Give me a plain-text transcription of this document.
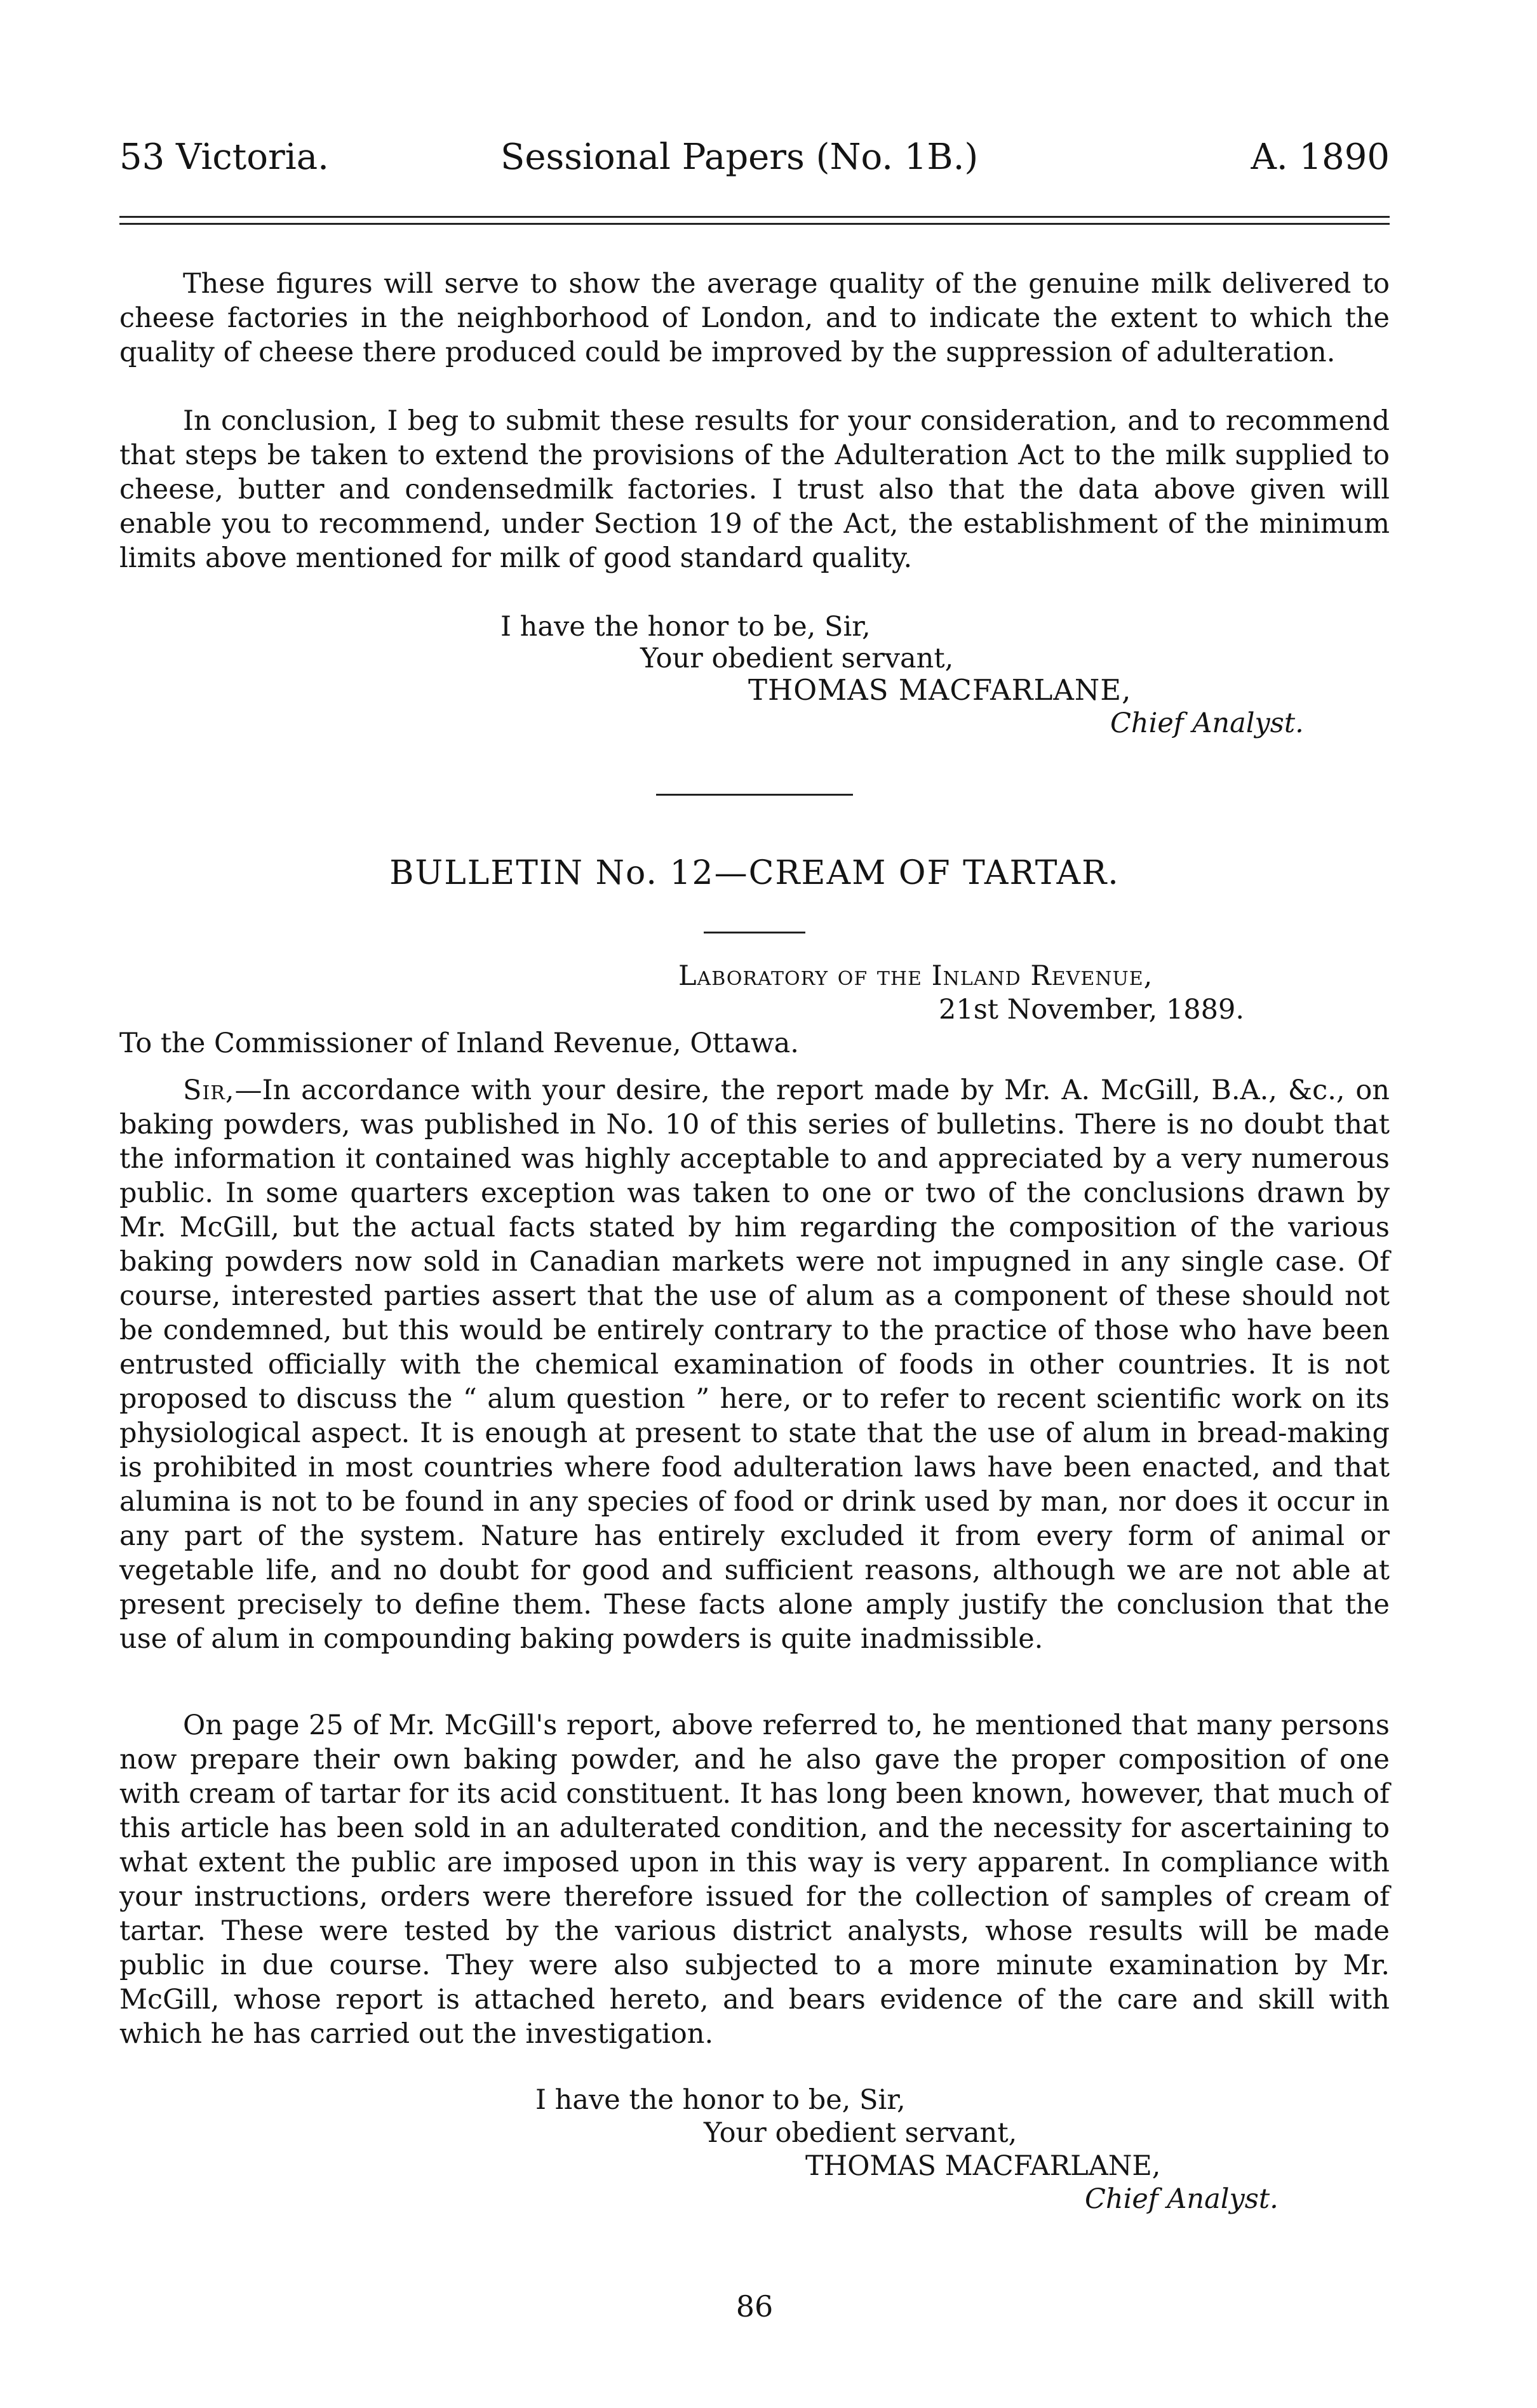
53 Victoria.	Sessional Papers (No. 1B.)	A. 1890

These figures will serve to show the average quality of the genuine milk delivered to cheese factories in the neighborhood of London, and to indicate the extent to which the quality of cheese there produced could be improved by the suppression of adulteration.

In conclusion, I beg to submit these results for your consideration, and to recommend that steps be taken to extend the provisions of the Adulteration Act to the milk supplied to cheese, butter and condensedmilk factories. I trust also that the data above given will enable you to recommend, under Section 19 of the Act, the establishment of the minimum limits above mentioned for milk of good standard quality.

I have the honor to be, Sir,

Your obedient servant,

THOMAS MACFARLANE,

Chief Analyst.

BULLETIN No. 12—CREAM OF TARTAR.

Laboratory of the Inland Revenue,

21st November, 1889.

To the Commissioner of Inland Revenue, Ottawa.

Sir,—In accordance with your desire, the report made by Mr. A. McGill, B.A., &c., on baking powders, was published in No. 10 of this series of bulletins. There is no doubt that the information it contained was highly acceptable to and appreciated by a very numerous public. In some quarters exception was taken to one or two of the conclusions drawn by Mr. McGill, but the actual facts stated by him regarding the composition of the various baking powders now sold in Canadian markets were not impugned in any single case. Of course, interested parties assert that the use of alum as a component of these should not be condemned, but this would be entirely contrary to the practice of those who have been entrusted officially with the chemical examination of foods in other countries. It is not proposed to discuss the “ alum question ” here, or to refer to recent scientific work on its physiological aspect. It is enough at present to state that the use of alum in bread-making is prohibited in most countries where food adulteration laws have been enacted, and that alumina is not to be found in any species of food or drink used by man, nor does it occur in any part of the system. Nature has entirely excluded it from every form of animal or vegetable life, and no doubt for good and sufficient reasons, although we are not able at present precisely to define them. These facts alone amply justify the conclusion that the use of alum in compounding baking powders is quite inadmissible.

On page 25 of Mr. McGill's report, above referred to, he mentioned that many persons now prepare their own baking powder, and he also gave the proper composition of one with cream of tartar for its acid constituent. It has long been known, however, that much of this article has been sold in an adulterated condition, and the necessity for ascertaining to what extent the public are imposed upon in this way is very apparent. In compliance with your instructions, orders were therefore issued for the collection of samples of cream of tartar. These were tested by the various district analysts, whose results will be made public in due course. They were also subjected to a more minute examination by Mr. McGill, whose report is attached hereto, and bears evidence of the care and skill with which he has carried out the investigation.

I have the honor to be, Sir,

Your obedient servant,

THOMAS MACFARLANE,

Chief Analyst.

86
